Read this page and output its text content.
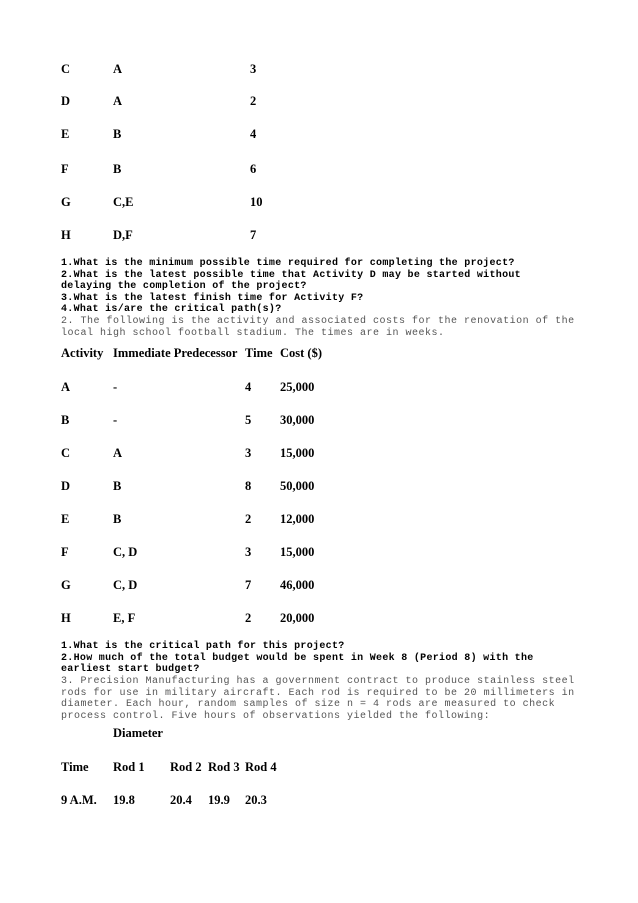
C	A	3
D	A	2
E	B	4
F	B	6
G	C,E	10
H	D,F	7
1.What is the minimum possible time required for completing the project?
2.What is the latest possible time that Activity D may be started without
delaying the completion of the project?
3.What is the latest finish time for Activity F?
4.What is/are the critical path(s)?
2. The following is the activity and associated costs for the renovation of the
local high school football stadium. The times are in weeks.
Activity Immediate Predecessor Time Cost ($)
A	-	4 25,000
B	-	5 30,000
C	A	3 15,000
D	B	8 50,000
E	B	2 12,000
F	C, D	3 15,000
G	C, D	7 46,000
H	E, F	2 20,000
1.What is the critical path for this project?
2.How much of the total budget would be spent in Week 8 (Period 8) with the
earliest start budget?
3. Precision Manufacturing has a government contract to produce stainless steel
rods for use in military aircraft. Each rod is required to be 20 millimeters in
diameter. Each hour, random samples of size n = 4 rods are measured to check
process control. Five hours of observations yielded the following:
Diameter
Time Rod 1 Rod 2 Rod 3 Rod 4
9 A.M. 19.8	20.4 19.9 20.3
